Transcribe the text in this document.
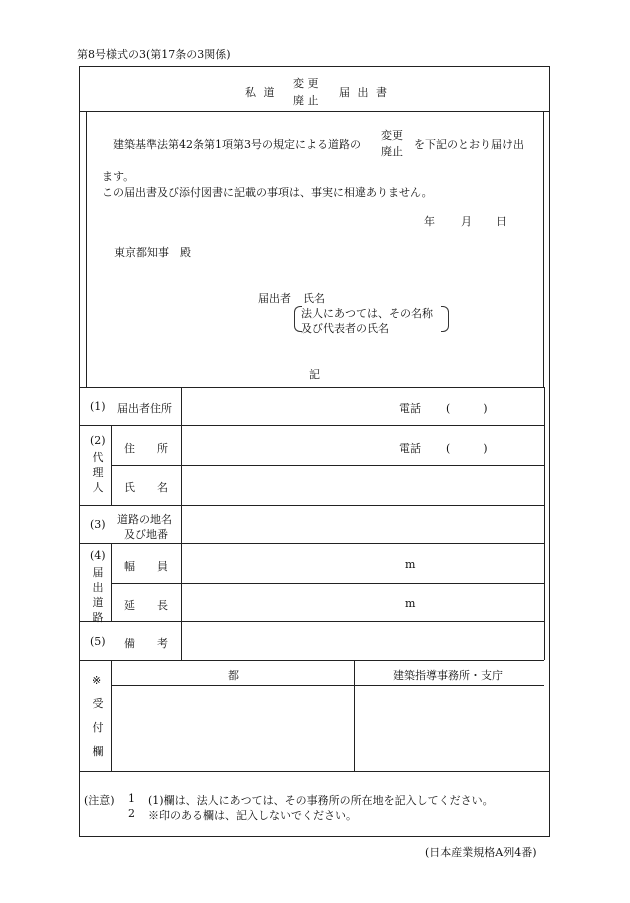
第8号様式の3(第17条の3関係)
私 道
変 更
廃 止
届 出 書
建築基準法第42条第1項第3号の規定による道路の
変更
廃止
を下記のとおり届け出
ます。
この届出書及び添付図書に記載の事項は、事実に相違ありません。
年 月 日
東京都知事　殿
届出者 氏名
法人にあつては、その名称
及び代表者の氏名
記
(1) 届出者住所	電話 (　　　)
(2)
代理人
住　　所	電話 (　　　)
氏　　名
(3) 道路の地名
及び地番
(4)
届出道路
幅　　員	m
延　　長	m
(5) 備　　考
※
受付欄
都	建築指導事務所・支庁
(注意) 1 (1)欄は、法人にあつては、その事務所の所在地を記入してください。
2 ※印のある欄は、記入しないでください。
(日本産業規格A列4番)
